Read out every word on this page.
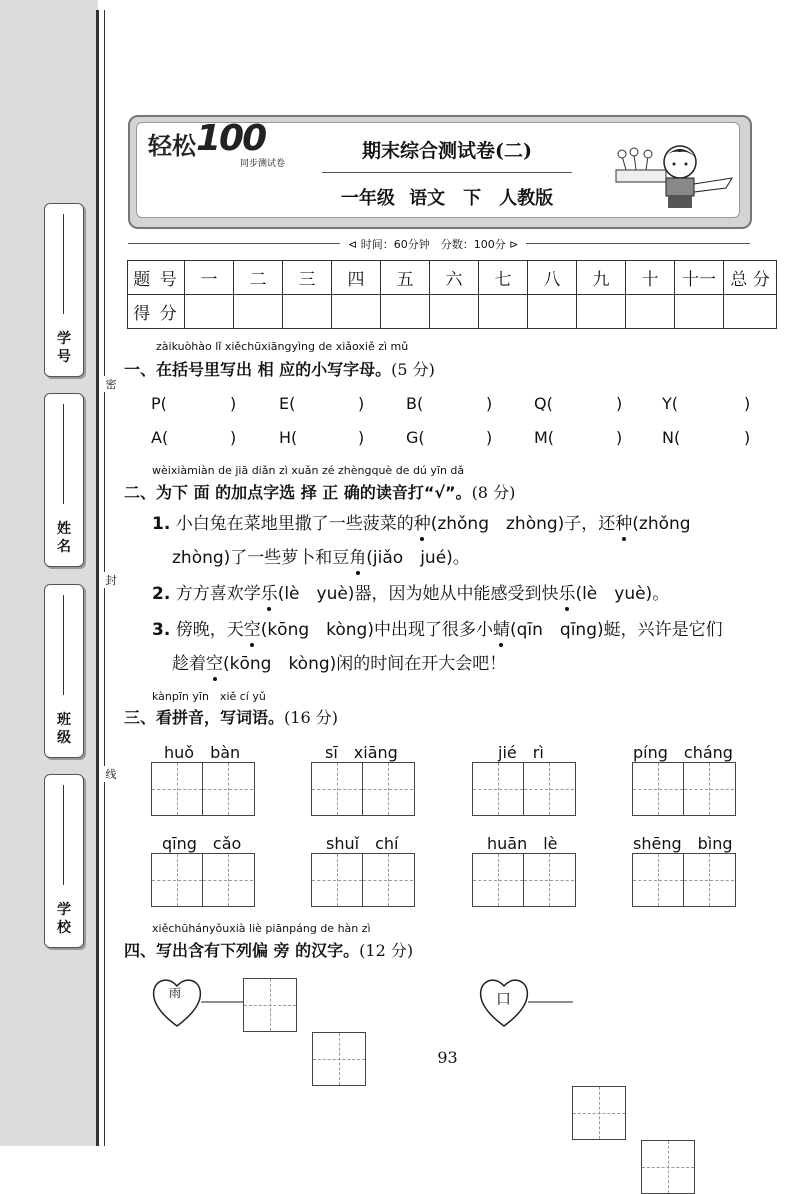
学 号
姓 名
班 级
学 校
密
封
线
轻松 100
同步测试卷
期末综合测试卷(二)
一年级 语文　下　人教版
⊲ 时间：60分钟　分数：100分 ⊳
题 号	一	二	三	四	五	六	七	八	九	十	十一	总 分
得 分												
zàikuòhào lǐ xiěchūxiāngyìng de xiǎoxiě zì mǔ
一、在括号里写出 相 应的小写字母。(5 分)
P(	)	E(	)	B(	)	Q(	) Y(	)
A(	)	H(	)	G(	)	M(	) N(	)
wèixiàmiàn de jiā diǎn zì xuǎn zé zhèngquè de dú yīn dǎ
二、为下 面 的加点字选 择 正 确的读音打“√”。(8 分)
1. 小白兔在菜地里撒了一些菠菜的种(zhǒng　zhòng)子，还种(zhǒng
zhòng)了一些萝卜和豆角(jiǎo　jué)。
2. 方方喜欢学乐(lè　yuè)器，因为她从中能感受到快乐(lè　yuè)。
3. 傍晚，天空(kōng　kòng)中出现了很多小蜻(qīn　qīng)蜓，兴许是它们
趁着空(kōng　kòng)闲的时间在开大会吧！
kànpīn yīn　xiě cí yǔ
三、看拼音，写词语。(16 分)
huǒ　bàn	sī　xiāng	jié　rì	píng　cháng
qīng　cǎo	shuǐ　chí	huān　lè	shēng　bìng
xiěchūhányǒuxià liè piānpáng de hàn zì
四、写出含有下列偏 旁 的汉字。(12 分)
雨	口
93
